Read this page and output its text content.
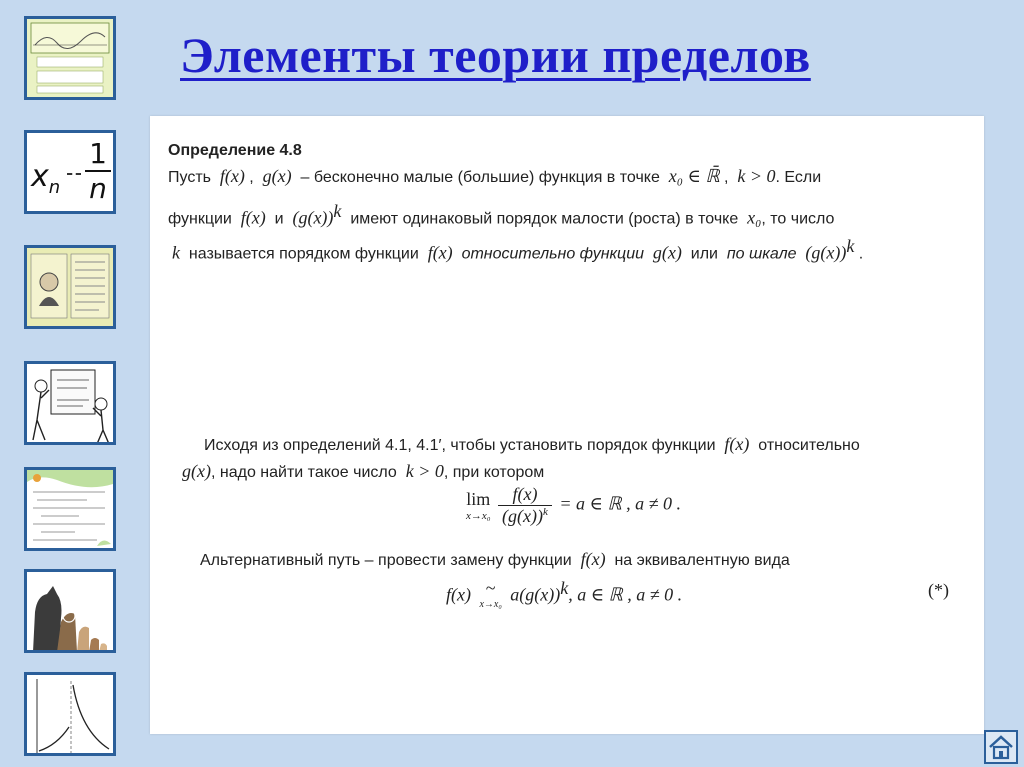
Элементы теории пределов
$x_n \frac{1}{n}$	Определение 4.8
Пусть f(x) ,  g(x) – бесконечно малые (большие) функция в точке x₀ ∈ ℝ̄ ,  k > 0. Если
функции f(x) и $(g(x))^k$ имеют одинаковый порядок малости (роста) в точке x₀, то число
k называется порядком функции f(x) относительно функции g(x) или по шкале $(g(x))^k$ .
Исходя из определений 4.1, 4.1′, чтобы установить порядок функции f(x) относительно
g(x), надо найти такое число k > 0, при котором
lim
x→x₀
$\frac{f(x)}{(g(x))^k} = a$ ∈ ℝ , a ≠ 0 .
Альтернативный путь – провести замену функции f(x) на эквивалентную вида
f(x) ~
x→x₀
$a(g(x))^k$, a ∈ ℝ , a ≠ 0 .	(*)
